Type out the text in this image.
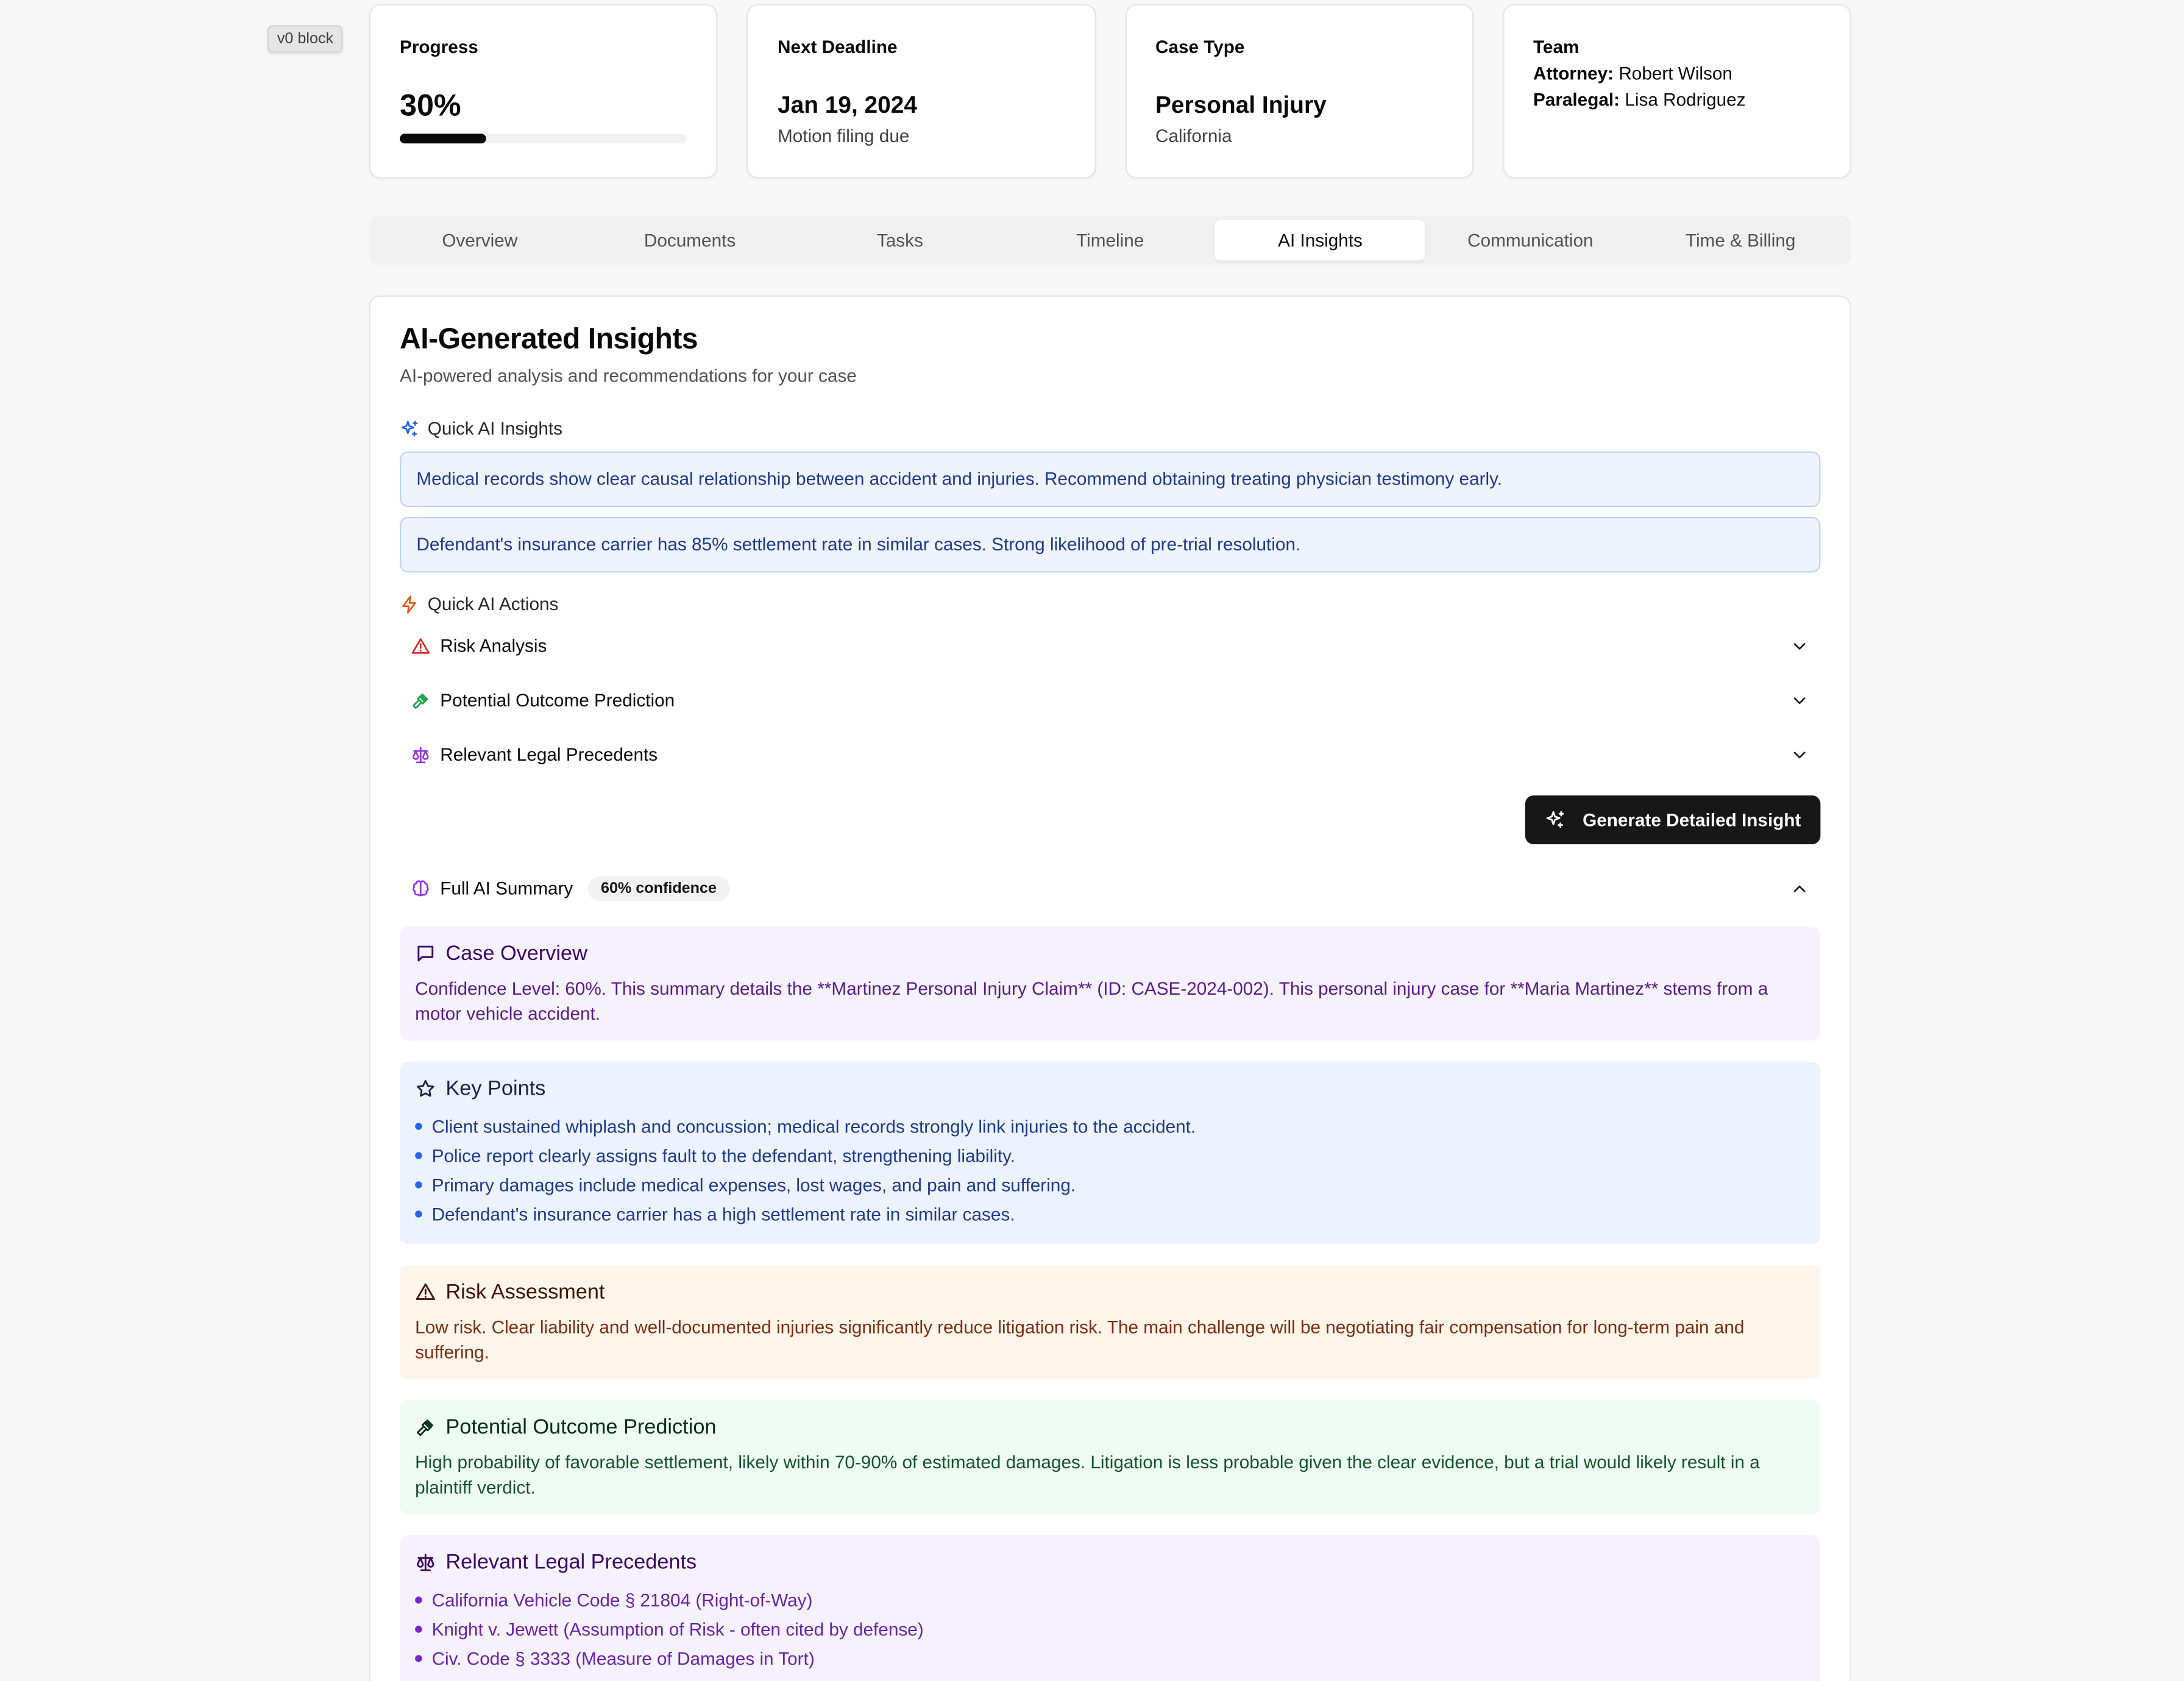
v0 block	Progress
30%
Next Deadline
Jan 19, 2024
Motion filing due
Case Type
Personal Injury
California
Team
Attorney: Robert Wilson
Paralegal: Lisa Rodriguez
Overview	Documents	Tasks	Timeline	AI Insights	Communication	Time & Billing
AI-Generated Insights
AI-powered analysis and recommendations for your case
Quick AI Insights
Medical records show clear causal relationship between accident and injuries. Recommend obtaining treating physician testimony early.
Defendant's insurance carrier has 85% settlement rate in similar cases. Strong likelihood of pre-trial resolution.
Quick AI Actions
Risk Analysis
Potential Outcome Prediction
Relevant Legal Precedents
Generate Detailed Insight
Full AI Summary	60% confidence
Case Overview
Confidence Level: 60%. This summary details the **Martinez Personal Injury Claim** (ID: CASE-2024-002). This personal injury case for **Maria Martinez** stems from a motor vehicle accident.
Key Points
Client sustained whiplash and concussion; medical records strongly link injuries to the accident.
Police report clearly assigns fault to the defendant, strengthening liability.
Primary damages include medical expenses, lost wages, and pain and suffering.
Defendant's insurance carrier has a high settlement rate in similar cases.
Risk Assessment
Low risk. Clear liability and well-documented injuries significantly reduce litigation risk. The main challenge will be negotiating fair compensation for long-term pain and suffering.
Potential Outcome Prediction
High probability of favorable settlement, likely within 70-90% of estimated damages. Litigation is less probable given the clear evidence, but a trial would likely result in a plaintiff verdict.
Relevant Legal Precedents
California Vehicle Code § 21804 (Right-of-Way)
Knight v. Jewett (Assumption of Risk - often cited by defense)
Civ. Code § 3333 (Measure of Damages in Tort)
